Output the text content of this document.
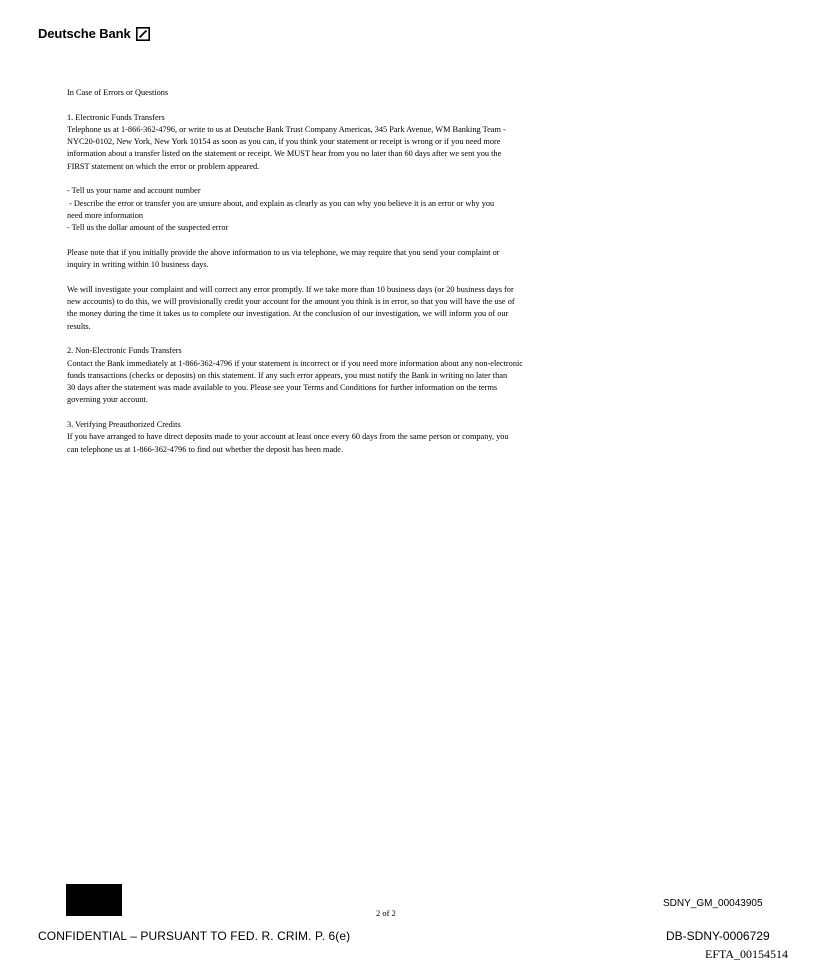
Deutsche Bank

In Case of Errors or Questions

1. Electronic Funds Transfers
Telephone us at 1-866-362-4796, or write to us at Deutsche Bank Trust Company Americas, 345 Park Avenue, WM Banking Team -
NYC20-0102, New York, New York 10154 as soon as you can, if you think your statement or receipt is wrong or if you need more
information about a transfer listed on the statement or receipt. We MUST hear from you no later than 60 days after we sent you the
FIRST statement on which the error or problem appeared.

- Tell us your name and account number
- Describe the error or transfer you are unsure about, and explain as clearly as you can why you believe it is an error or why you
need more information
- Tell us the dollar amount of the suspected error

Please note that if you initially provide the above information to us via telephone, we may require that you send your complaint or
inquiry in writing within 10 business days.

We will investigate your complaint and will correct any error promptly. If we take more than 10 business days (or 20 business days for
new accounts) to do this, we will provisionally credit your account for the amount you think is in error, so that you will have the use of
the money during the time it takes us to complete our investigation. At the conclusion of our investigation, we will inform you of our
results.

2. Non-Electronic Funds Transfers
Contact the Bank immediately at 1-866-362-4796 if your statement is incorrect or if you need more information about any non-electronic
funds transactions (checks or deposits) on this statement. If any such error appears, you must notify the Bank in writing no later than
30 days after the statement was made available to you. Please see your Terms and Conditions for further information on the terms
governing your account.

3. Verifying Preauthorized Credits
If you have arranged to have direct deposits made to your account at least once every 60 days from the same person or company, you
can telephone us at 1-866-362-4796 to find out whether the deposit has been made.

2 of 2
SDNY_GM_00043905
CONFIDENTIAL – PURSUANT TO FED. R. CRIM. P. 6(e)	DB-SDNY-0006729
EFTA_00154514
